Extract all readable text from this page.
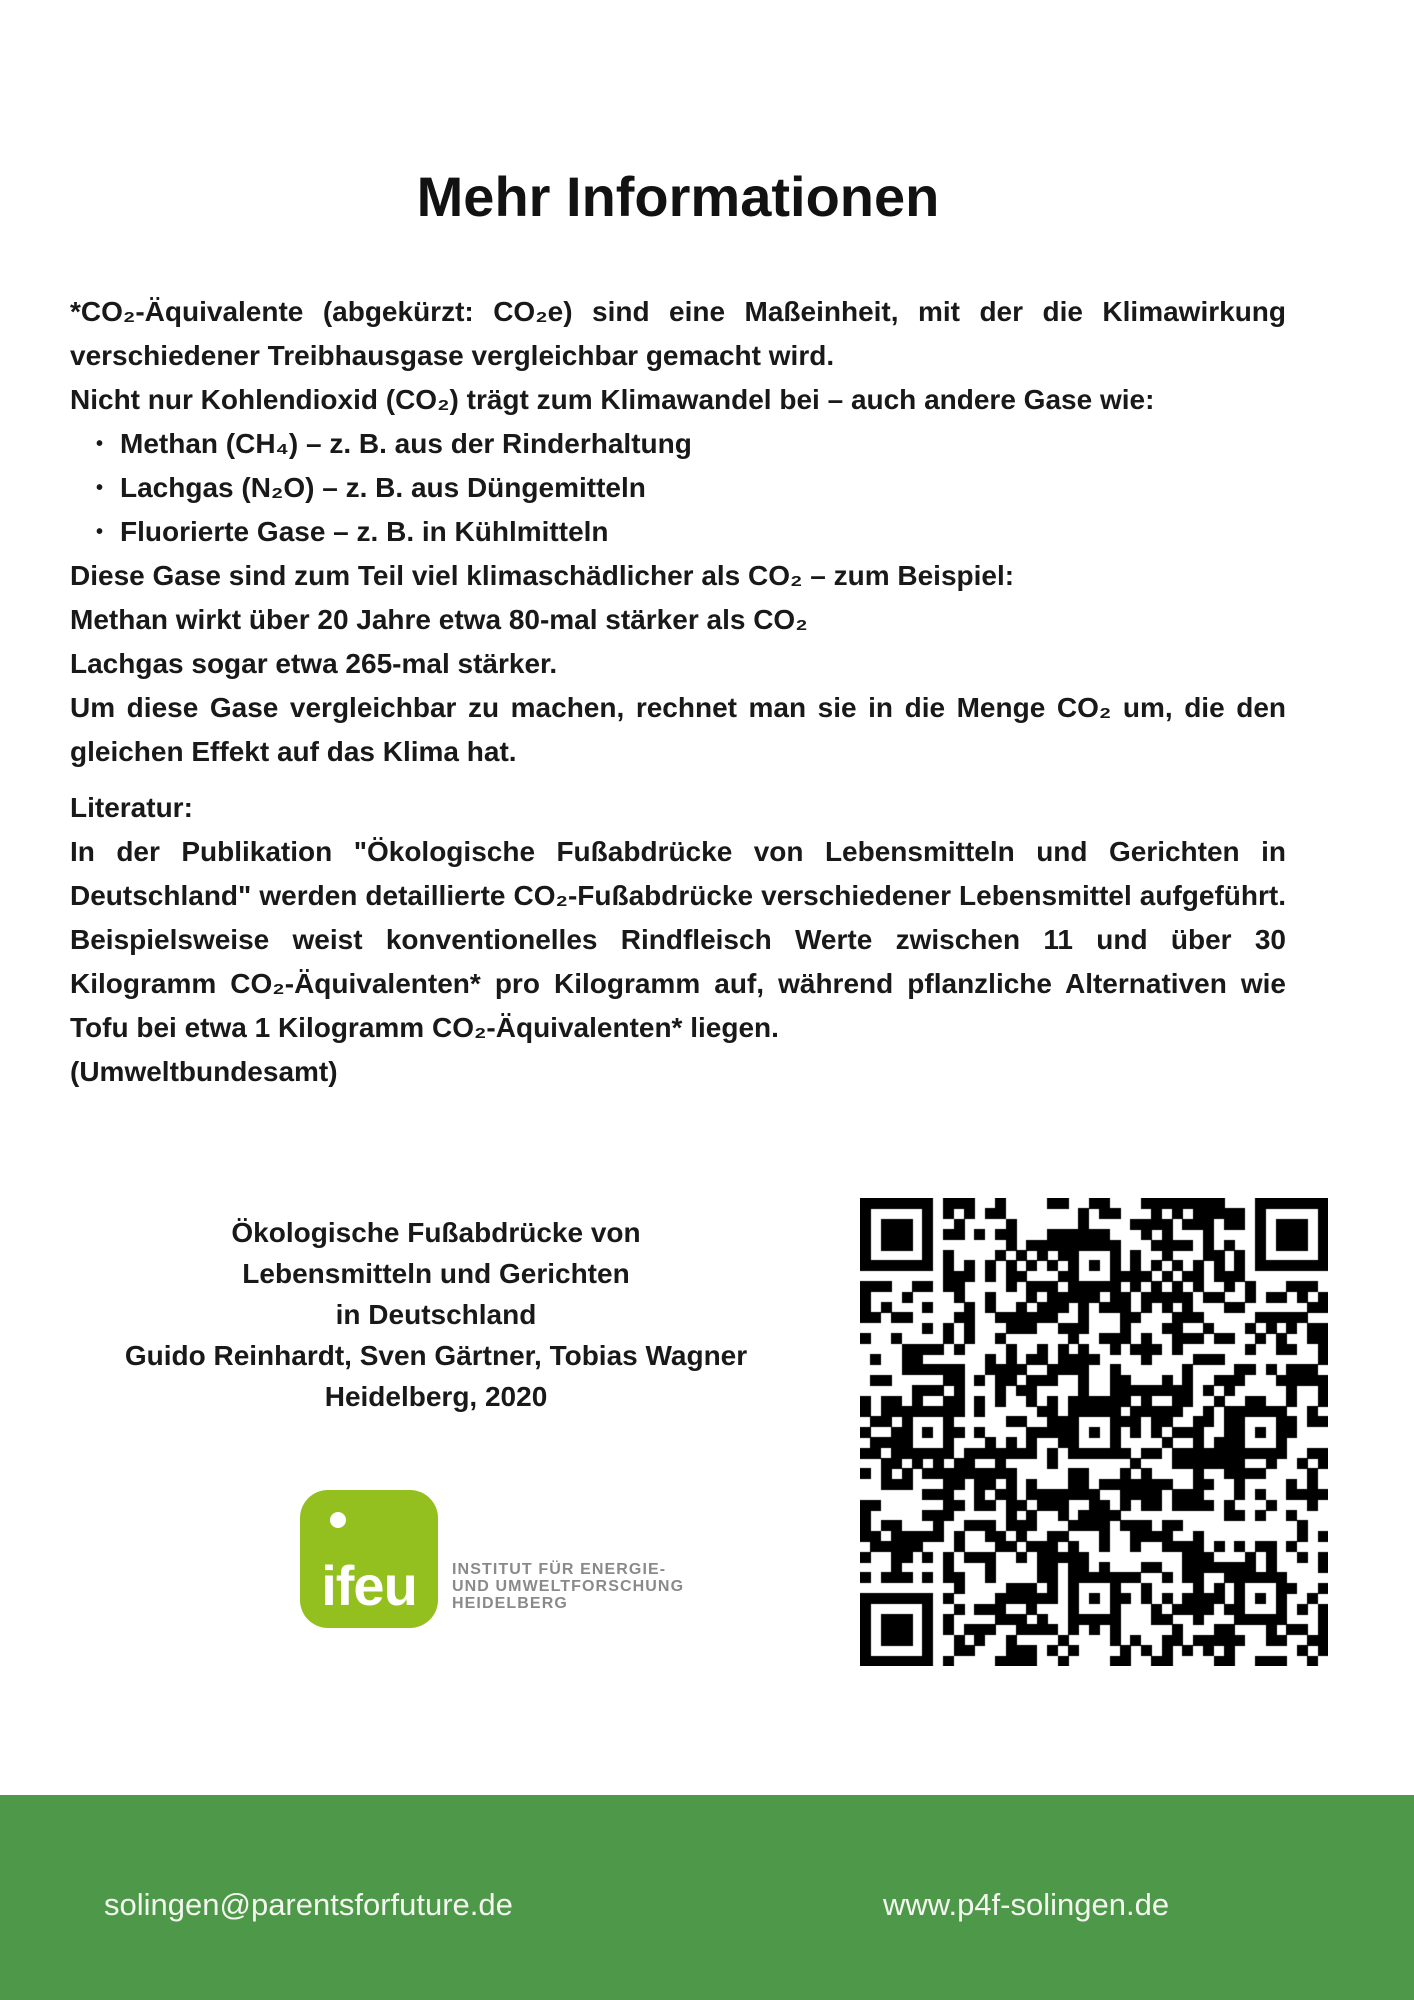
Mehr Informationen

*CO₂-Äquivalente (abgekürzt: CO₂e) sind eine Maßeinheit, mit der die Klimawirkung verschiedener Treibhausgase vergleichbar gemacht wird.

Nicht nur Kohlendioxid (CO₂) trägt zum Klimawandel bei – auch andere Gase wie:

• Methan (CH₄) – z. B. aus der Rinderhaltung
• Lachgas (N₂O) – z. B. aus Düngemitteln
• Fluorierte Gase – z. B. in Kühlmitteln

Diese Gase sind zum Teil viel klimaschädlicher als CO₂ – zum Beispiel:

Methan wirkt über 20 Jahre etwa 80-mal stärker als CO₂

Lachgas sogar etwa 265-mal stärker.

Um diese Gase vergleichbar zu machen, rechnet man sie in die Menge CO₂ um, die den gleichen Effekt auf das Klima hat.

Literatur:

In der Publikation "Ökologische Fußabdrücke von Lebensmitteln und Gerichten in Deutschland" werden detaillierte CO₂-Fußabdrücke verschiedener Lebensmittel aufgeführt. Beispielsweise weist konventionelles Rindfleisch Werte zwischen 11 und über 30 Kilogramm CO₂-Äquivalenten* pro Kilogramm auf, während pflanzliche Alternativen wie Tofu bei etwa 1 Kilogramm CO₂-Äquivalenten* liegen.

(Umweltbundesamt)

Ökologische Fußabdrücke von
Lebensmitteln und Gerichten
in Deutschland
Guido Reinhardt, Sven Gärtner, Tobias Wagner
Heidelberg, 2020
ifeu	INSTITUT FÜR ENERGIE-
UND UMWELTFORSCHUNG
HEIDELBERG
solingen@parentsforfuture.de	www.p4f-solingen.de
